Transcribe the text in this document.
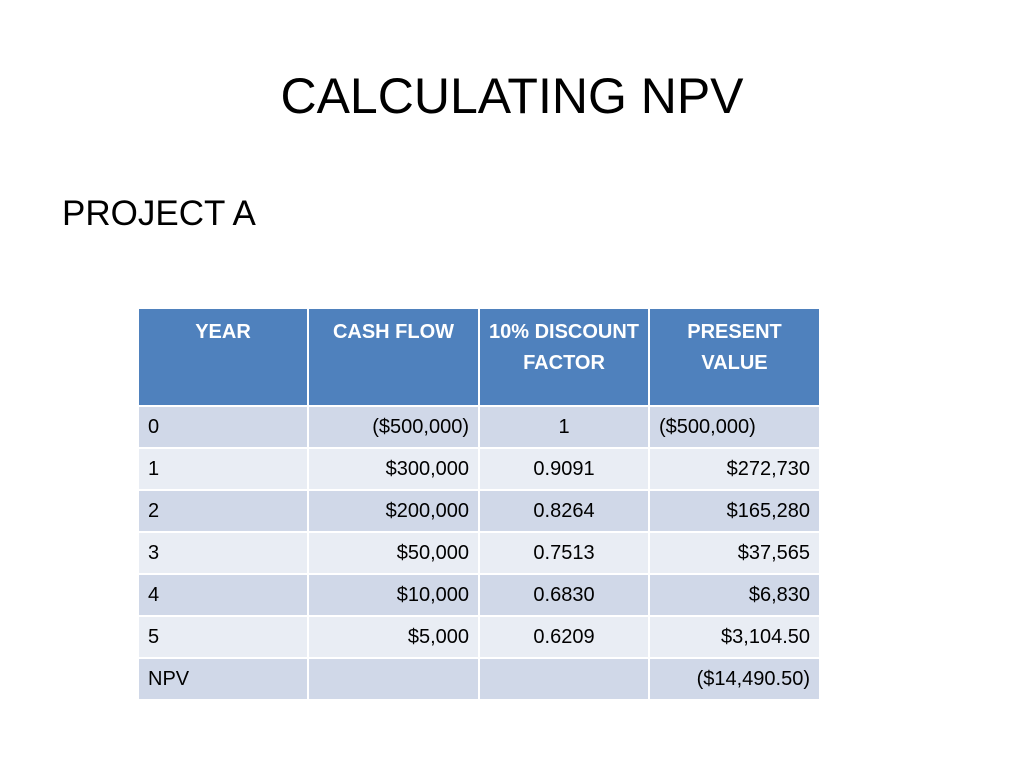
CALCULATING NPV

PROJECT A

YEAR	CASH FLOW	10% DISCOUNT FACTOR	PRESENT VALUE
0	($500,000)	1	($500,000)
1	$300,000	0.9091	$272,730
2	$200,000	0.8264	$165,280
3	$50,000	0.7513	$37,565
4	$10,000	0.6830	$6,830
5	$5,000	0.6209	$3,104.50
NPV			($14,490.50)
